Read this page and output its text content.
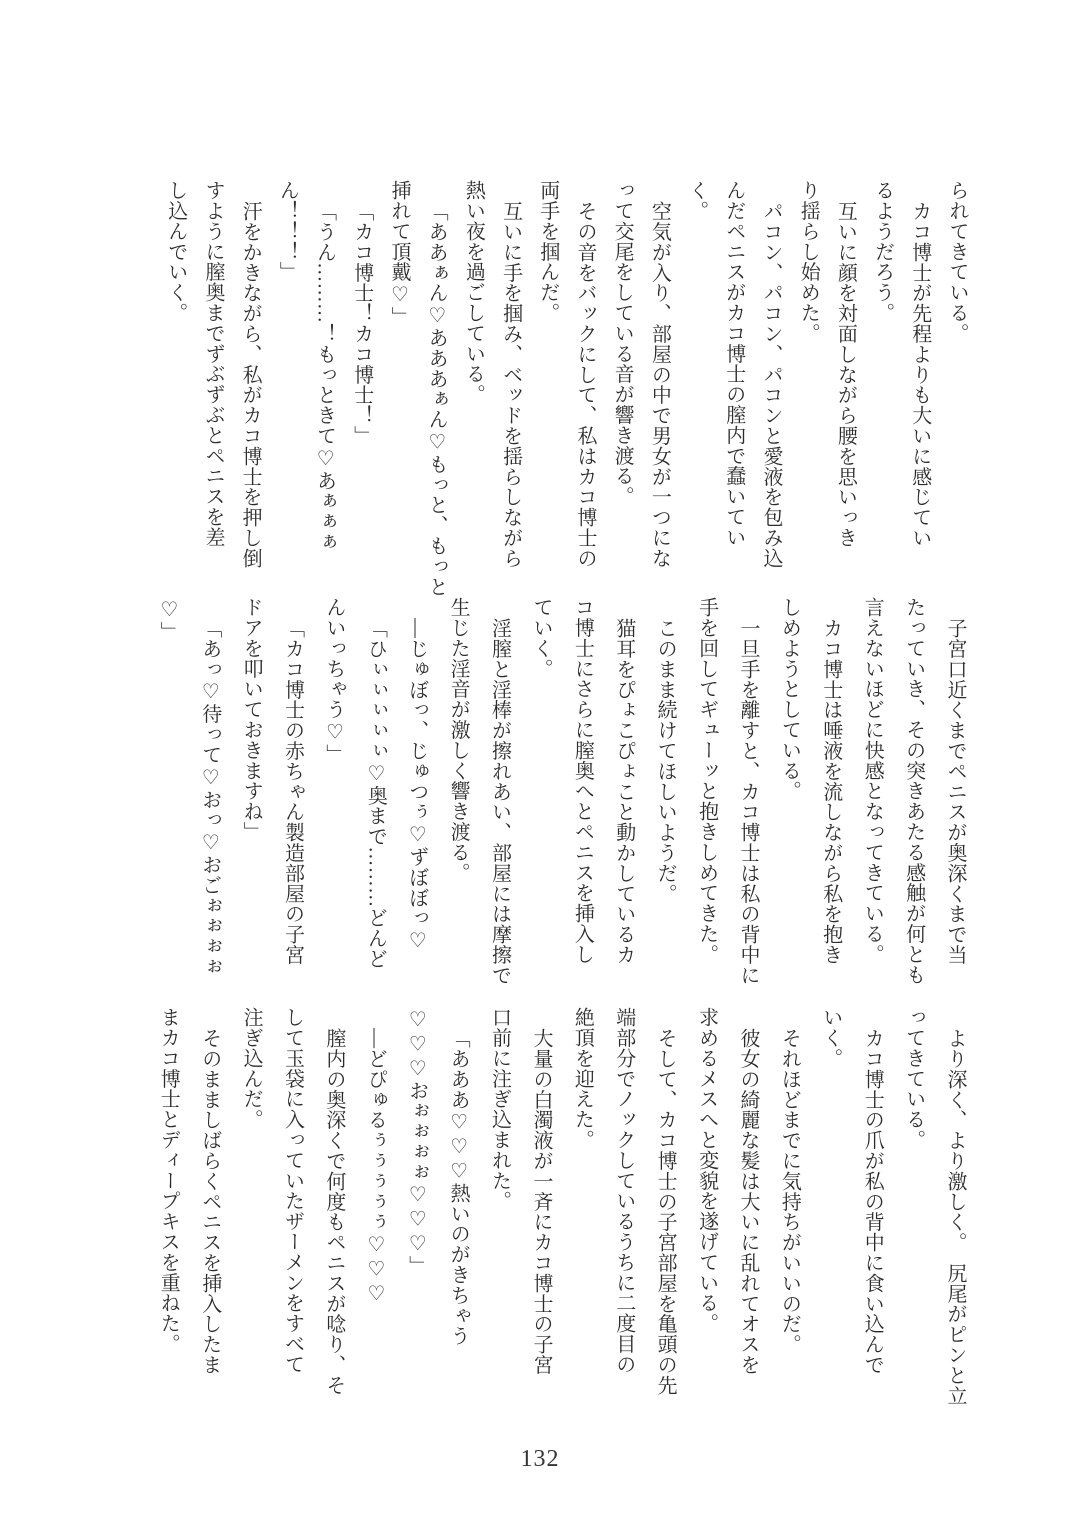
られてきている。

カコ博士が先程よりも大いに感じてい

るようだろう。

互いに顔を対面しながら腰を思いっき

り揺らし始めた。

パコン、パコン、パコンと愛液を包み込

んだペニスがカコ博士の膣内で蠢いてい

く。

空気が入り、部屋の中で男女が一つにな

って交尾をしている音が響き渡る。

その音をバックにして、私はカコ博士の

両手を掴んだ。

互いに手を掴み、ベッドを揺らしながら

熱い夜を過ごしている。

「ああぁん♡あああぁん♡もっと、もっと

挿れて頂戴♡」

「カコ博士！カコ博士！」

「うん………！もっときて♡あぁぁぁ

ん！！！」

汗をかきながら、私がカコ博士を押し倒

すように膣奥までずぶずぶとペニスを差

し込んでいく。

子宮口近くまでペニスが奥深くまで当

たっていき、その突きあたる感触が何とも

言えないほどに快感となってきている。

カコ博士は唾液を流しながら私を抱き

しめようとしている。

一旦手を離すと、カコ博士は私の背中に

手を回してギューッと抱きしめてきた。

このまま続けてほしいようだ。

猫耳をぴょこぴょこと動かしているカ

コ博士にさらに膣奥へとペニスを挿入し

ていく。

淫膣と淫棒が擦れあい、部屋には摩擦で

生じた淫音が激しく響き渡る。

―じゅぼっ、じゅつぅ♡ずぼぼっ♡

「ひぃぃぃぃぃ♡奥まで………どんど

んいっちゃう♡」

「カコ博士の赤ちゃん製造部屋の子宮

ドアを叩いておきますね」

「あっ♡待って♡おっ♡おごぉぉぉぉ

♡」

より深く、より激しく。　尻尾がピンと立

ってきている。

カコ博士の爪が私の背中に食い込んで

いく。

それほどまでに気持ちがいいのだ。

彼女の綺麗な髪は大いに乱れてオスを

求めるメスへと変貌を遂げている。

そして、カコ博士の子宮部屋を亀頭の先

端部分でノックしているうちに二度目の

絶頂を迎えた。

大量の白濁液が一斉にカコ博士の子宮

口前に注ぎ込まれた。

「あああ♡♡♡熱いのがきちゃう

♡♡♡おぉぉぉぉ♡♡♡」

―どぴゅるぅぅぅぅぅ♡♡♡

膣内の奥深くで何度もペニスが唸り、そ

して玉袋に入っていたザーメンをすべて

注ぎ込んだ。

そのまましばらくペニスを挿入したま

まカコ博士とディープキスを重ねた。

132
